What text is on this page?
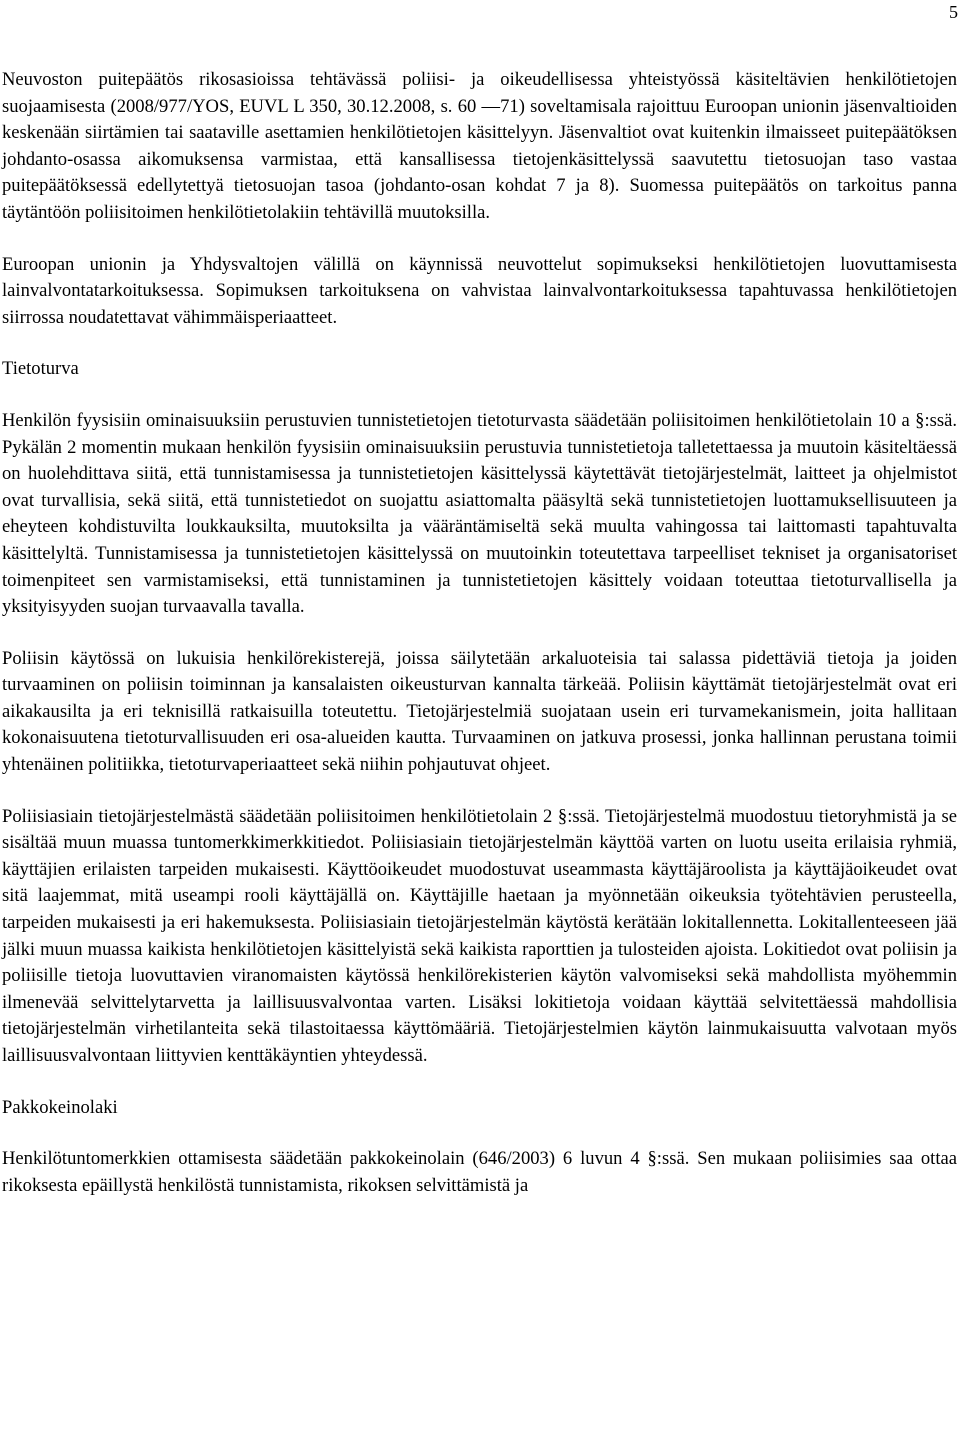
5

Neuvoston puitepäätös rikosasioissa tehtävässä poliisi- ja oikeudellisessa yhteistyössä käsiteltävien henkilötietojen suojaamisesta (2008/977/YOS, EUVL L 350, 30.12.2008, s. 60 —71) soveltamisala rajoittuu Euroopan unionin jäsenvaltioiden keskenään siirtämien tai saataville asettamien henkilötietojen käsittelyyn. Jäsenvaltiot ovat kuitenkin ilmaisseet puitepäätöksen johdanto-osassa aikomuksensa varmistaa, että kansallisessa tietojenkäsittelyssä saavutettu tietosuojan taso vastaa puitepäätöksessä edellytettyä tietosuojan tasoa (johdanto-osan kohdat 7 ja 8). Suomessa puitepäätös on tarkoitus panna täytäntöön poliisitoimen henkilötietolakiin tehtävillä muutoksilla.

Euroopan unionin ja Yhdysvaltojen välillä on käynnissä neuvottelut sopimukseksi henkilötietojen luovuttamisesta lainvalvontatarkoituksessa. Sopimuksen tarkoituksena on vahvistaa lainvalvontarkoituksessa tapahtuvassa henkilötietojen siirrossa noudatettavat vähimmäisperiaatteet.

Tietoturva

Henkilön fyysisiin ominaisuuksiin perustuvien tunnistetietojen tietoturvasta säädetään poliisitoimen henkilötietolain 10 a §:ssä. Pykälän 2 momentin mukaan henkilön fyysisiin ominaisuuksiin perustuvia tunnistetietoja talletettaessa ja muutoin käsiteltäessä on huolehdittava siitä, että tunnistamisessa ja tunnistetietojen käsittelyssä käytettävät tietojärjestelmät, laitteet ja ohjelmistot ovat turvallisia, sekä siitä, että tunnistetiedot on suojattu asiattomalta pääsyltä sekä tunnistetietojen luottamuksellisuuteen ja eheyteen kohdistuvilta loukkauksilta, muutoksilta ja vääräntämiseltä sekä muulta vahingossa tai laittomasti tapahtuvalta käsittelyltä. Tunnistamisessa ja tunnistetietojen käsittelyssä on muutoinkin toteutettava tarpeelliset tekniset ja organisatoriset toimenpiteet sen varmistamiseksi, että tunnistaminen ja tunnistetietojen käsittely voidaan toteuttaa tietoturvallisella ja yksityisyyden suojan turvaavalla tavalla.

Poliisin käytössä on lukuisia henkilörekisterejä, joissa säilytetään arkaluoteisia tai salassa pidettäviä tietoja ja joiden turvaaminen on poliisin toiminnan ja kansalaisten oikeusturvan kannalta tärkeää. Poliisin käyttämät tietojärjestelmät ovat eri aikakausilta ja eri teknisillä ratkaisuilla toteutettu. Tietojärjestelmiä suojataan usein eri turvamekanismein, joita hallitaan kokonaisuutena tietoturvallisuuden eri osa-alueiden kautta. Turvaaminen on jatkuva prosessi, jonka hallinnan perustana toimii yhtenäinen politiikka, tietoturvaperiaatteet sekä niihin pohjautuvat ohjeet.

Poliisiasiain tietojärjestelmästä säädetään poliisitoimen henkilötietolain 2 §:ssä. Tietojärjestelmä muodostuu tietoryhmistä ja se sisältää muun muassa tuntomerkkimerkkitiedot. Poliisiasiain tietojärjestelmän käyttöä varten on luotu useita erilaisia ryhmiä, käyttäjien erilaisten tarpeiden mukaisesti. Käyttöoikeudet muodostuvat useammasta käyttäjäroolista ja käyttäjäoikeudet ovat sitä laajemmat, mitä useampi rooli käyttäjällä on. Käyttäjille haetaan ja myönnetään oikeuksia työtehtävien perusteella, tarpeiden mukaisesti ja eri hakemuksesta. Poliisiasiain tietojärjestelmän käytöstä kerätään lokitallennetta. Lokitallenteeseen jää jälki muun muassa kaikista henkilötietojen käsittelyistä sekä kaikista raporttien ja tulosteiden ajoista. Lokitiedot ovat poliisin ja poliisille tietoja luovuttavien viranomaisten käytössä henkilörekisterien käytön valvomiseksi sekä mahdollista myöhemmin ilmenevää selvittelytarvetta ja laillisuusvalvontaa varten. Lisäksi lokitietoja voidaan käyttää selvitettäessä mahdollisia tietojärjestelmän virhetilanteita sekä tilastoitaessa käyttömääriä. Tietojärjestelmien käytön lainmukaisuutta valvotaan myös laillisuusvalvontaan liittyvien kenttäkäyntien yhteydessä.

Pakkokeinolaki

Henkilötuntomerkkien ottamisesta säädetään pakkokeinolain (646/2003) 6 luvun 4 §:ssä. Sen mukaan poliisimies saa ottaa rikoksesta epäillystä henkilöstä tunnistamista, rikoksen selvittämistä ja
